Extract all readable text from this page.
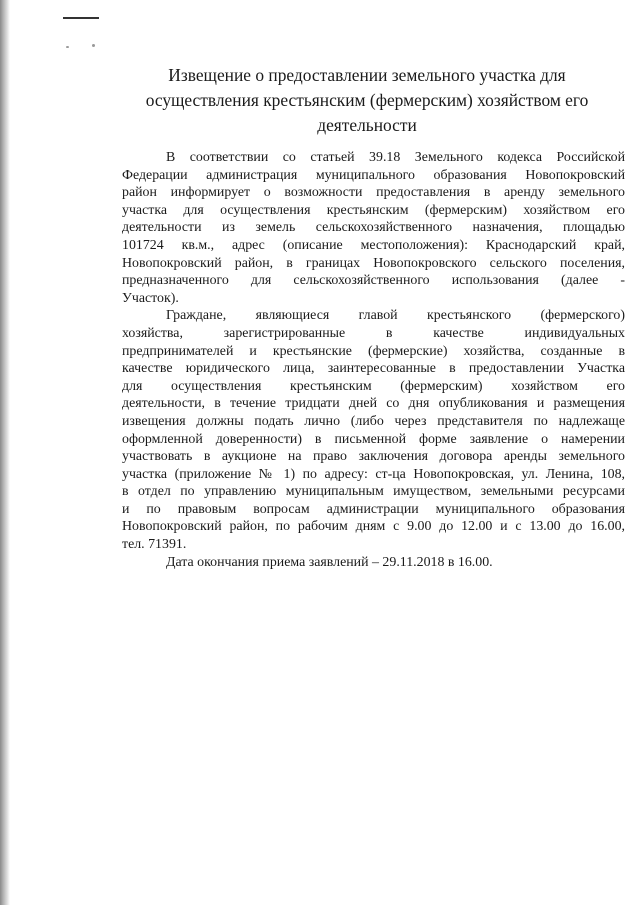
Извещение о предоставлении земельного участка для
осуществления крестьянским (фермерским) хозяйством его
деятельности

В соответствии со статьей 39.18 Земельного кодекса Российской

Федерации администрация муниципального образования Новопокровский

район информирует о возможности предоставления в аренду земельного

участка для осуществления крестьянским (фермерским) хозяйством его

деятельности из земель сельскохозяйственного назначения, площадью

101724 кв.м., адрес (описание местоположения): Краснодарский край,

Новопокровский район, в границах Новопокровского сельского поселения,

предназначенного для сельскохозяйственного использования (далее -

Участок).

Граждане, являющиеся главой крестьянского (фермерского)

хозяйства, зарегистрированные в качестве индивидуальных

предпринимателей и крестьянские (фермерские) хозяйства, созданные в

качестве юридического лица, заинтересованные в предоставлении Участка

для осуществления крестьянским (фермерским) хозяйством его

деятельности, в течение тридцати дней со дня опубликования и размещения

извещения должны подать лично (либо через представителя по надлежаще

оформленной доверенности) в письменной форме заявление о намерении

участвовать в аукционе на право заключения договора аренды земельного

участка (приложение № 1) по адресу: ст-ца Новопокровская, ул. Ленина, 108,

в отдел по управлению муниципальным имуществом, земельными ресурсами

и по правовым вопросам администрации муниципального образования

Новопокровский район, по рабочим дням с 9.00 до 12.00 и с 13.00 до 16.00,

тел. 71391.

Дата окончания приема заявлений – 29.11.2018 в 16.00.
